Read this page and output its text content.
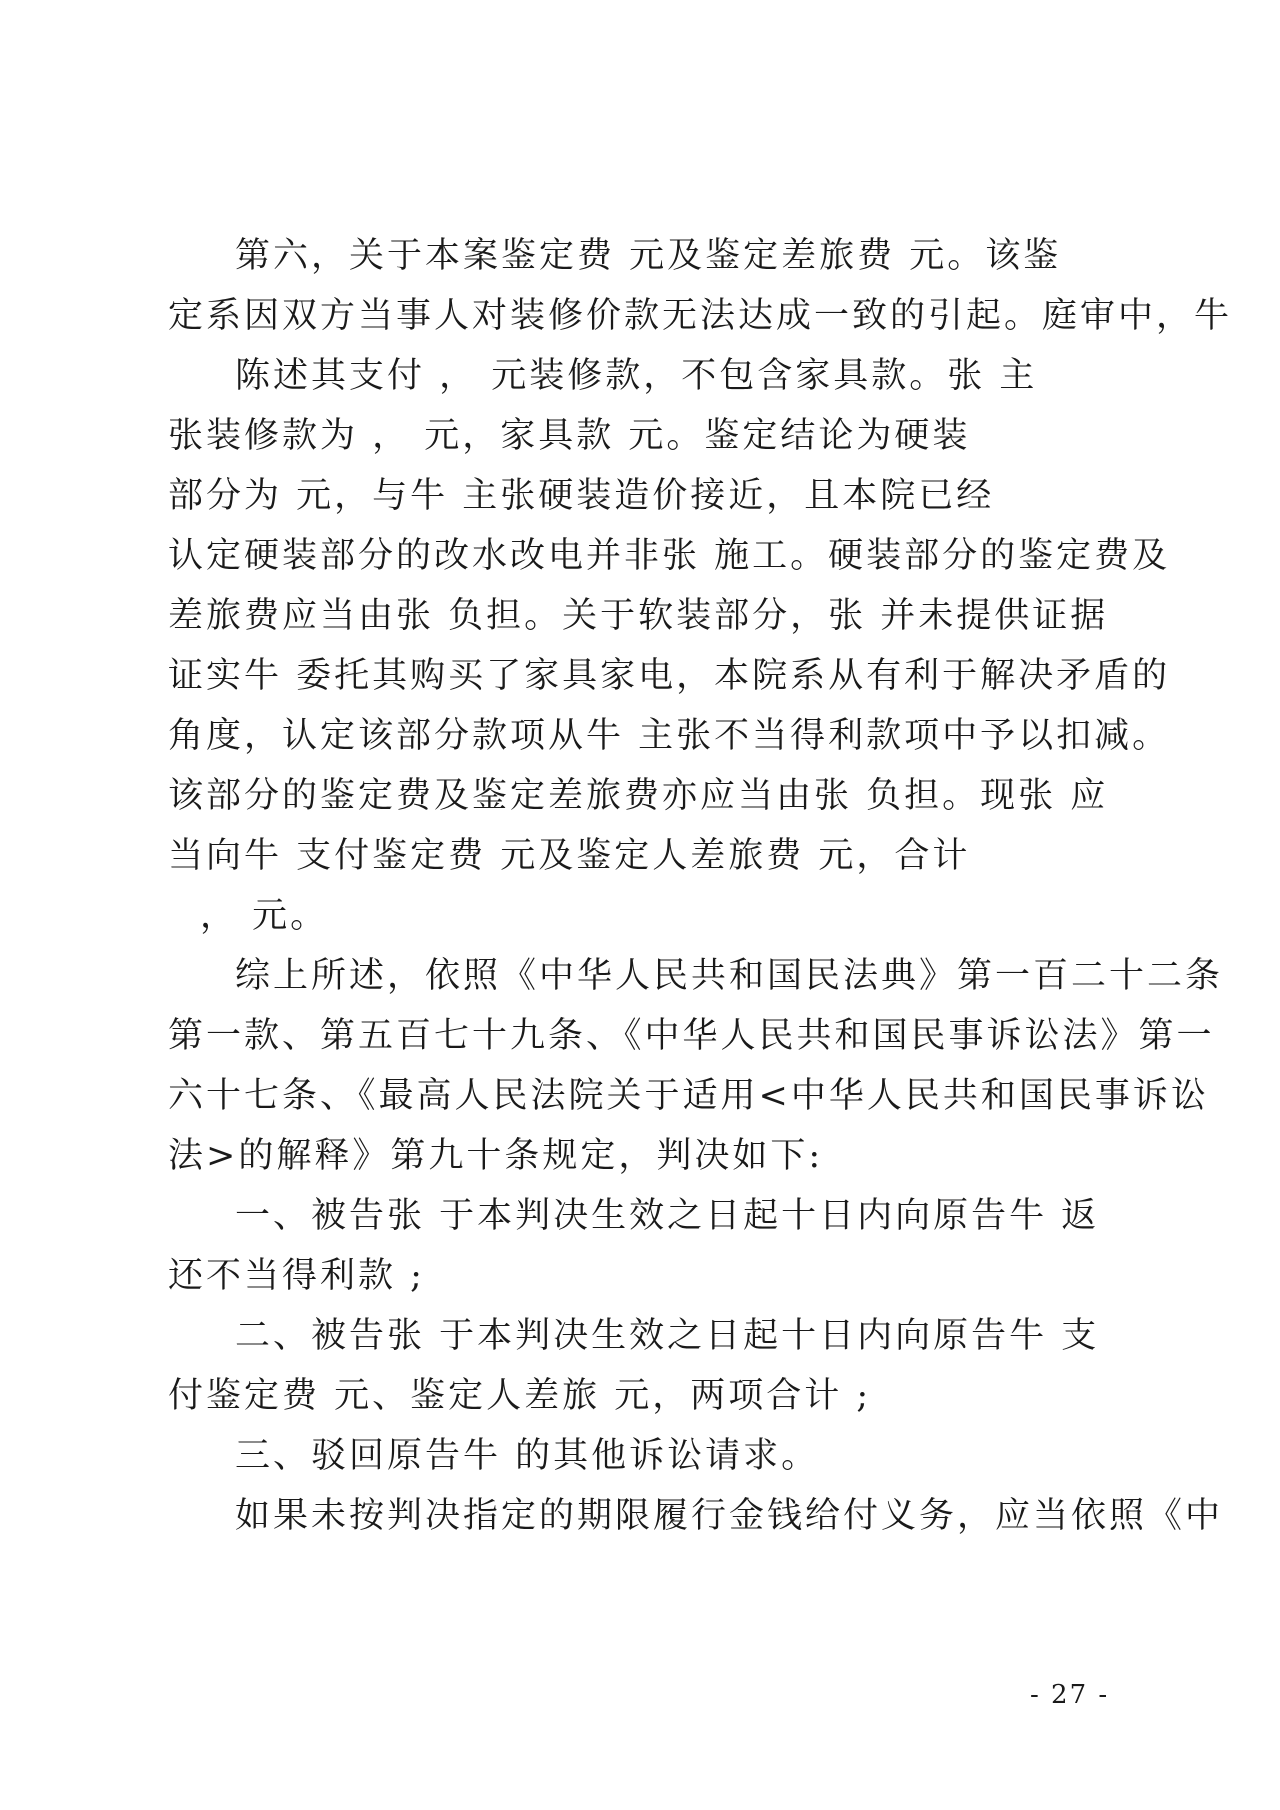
第六，关于本案鉴定费 元及鉴定差旅费 元。该鉴
定系因双方当事人对装修价款无法达成一致的引起。庭审中，牛
陈述其支付 ， 元装修款，不包含家具款。张 主
张装修款为 ， 元，家具款 元。鉴定结论为硬装
部分为 元，与牛 主张硬装造价接近，且本院已经
认定硬装部分的改水改电并非张 施工。硬装部分的鉴定费及
差旅费应当由张 负担。关于软装部分，张 并未提供证据
证实牛 委托其购买了家具家电，本院系从有利于解决矛盾的
角度，认定该部分款项从牛 主张不当得利款项中予以扣减。
该部分的鉴定费及鉴定差旅费亦应当由张 负担。现张 应
当向牛 支付鉴定费 元及鉴定人差旅费 元，合计
， 元。
综上所述，依照《中华人民共和国民法典》第一百二十二条
第一款、第五百七十九条、《中华人民共和国民事诉讼法》第一
六十七条、《最高人民法院关于适用<中华人民共和国民事诉讼
法>的解释》第九十条规定，判决如下:
一、被告张 于本判决生效之日起十日内向原告牛 返
还不当得利款 ;
二、被告张 于本判决生效之日起十日内向原告牛 支
付鉴定费 元、鉴定人差旅 元，两项合计 ;
三、驳回原告牛 的其他诉讼请求。
如果未按判决指定的期限履行金钱给付义务，应当依照《中
- 27 -
